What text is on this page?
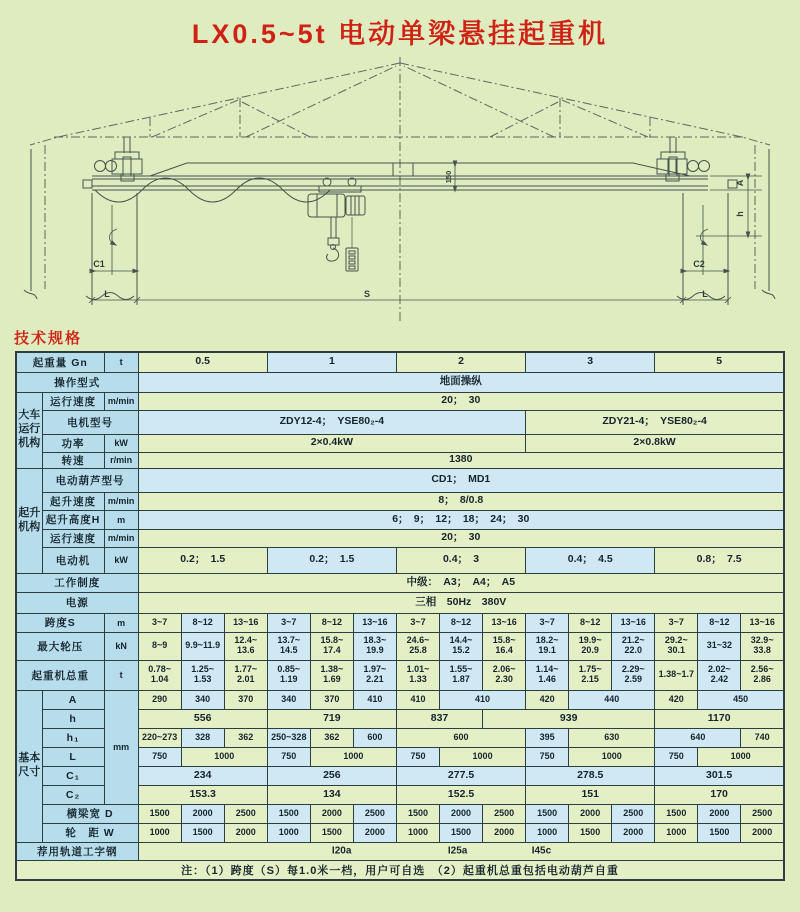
LX0.5~5t 电动单梁悬挂起重机
C1	C2
L	S	L
A
h
150
技术规格
起重量 Gn		t	0.5			1			2			3			5		
操作型式			地面操纵														
大车运行机构	运行速度	m/min	20；　30														
	电机型号		ZDY12-4；　YSE80₂-4									ZDY21-4；　YSE80₂-4					
	功率	kW	2×0.4kW									2×0.8kW					
	转速	r/min	1380														
起升机构	电动葫芦型号		CD1；　MD1														
	起升速度	m/min	8；　8/0.8														
	起升高度H	m	6；　9；　12；　18；　24；　30														
	运行速度	m/min	20；　30														
	电动机	kW	0.2；　1.5			0.2；　1.5			0.4；　3			0.4；　4.5			0.8；　7.5		
工作制度			中级：　A3；　A4；　A5														
电源			三相　50Hz　380V														
跨度S		m	3~​7	8~​12	13~​16	3~​7	8~​12	13~​16	3~​7	8~​12	13~​16	3~​7	8~​12	13~​16	3~​7	8~​12	13~​16
最大轮压		kN	8~​9	9.9~​11.9	12.4~​13.6	13.7~​14.5	15.8~​17.4	18.3~​19.9	24.6~​25.8	14.4~​15.2	15.8~​16.4	18.2~​19.1	19.9~​20.9	21.2~​22.0	29.2~​30.1	31~​32	32.9~​33.8
起重机总重		t	0.78~​1.04	1.25~​1.53	1.77~​2.01	0.85~​1.19	1.38~​1.69	1.97~​2.21	1.01~​1.33	1.55~​1.87	2.06~​2.30	1.14~​1.46	1.75~​2.15	2.29~​2.59	1.38~​1.7	2.02~​2.42	2.56~​2.86
基本尺寸	A	mm	290	340	370	340	370	410	410	410		420	440		420	450	
	h		556			719			837		939				1170		
	h₁		220~​273	328	362	250~​328	362	600	600			395	630		640		740
	L		750	1000		750	1000		750	1000		750	1000		750	1000	
	C₁		234			256			277.5			278.5			301.5		
	C₂		153.3			134			152.5			151			170		
	横梁宽 D		1500	2000	2500	1500	2000	2500	1500	2000	2500	1500	2000	2500	1500	2000	2500
	轮　距 W		1000	1500	2000	1000	1500	2000	1000	1500	2000	1000	1500	2000	1000	1500	2000
荐用轨道工字钢			I20a I25a I45c														

注：（1）跨度（S）每1.0米一档，用户可自选　（2）起重机总重包括电动葫芦自重																	
